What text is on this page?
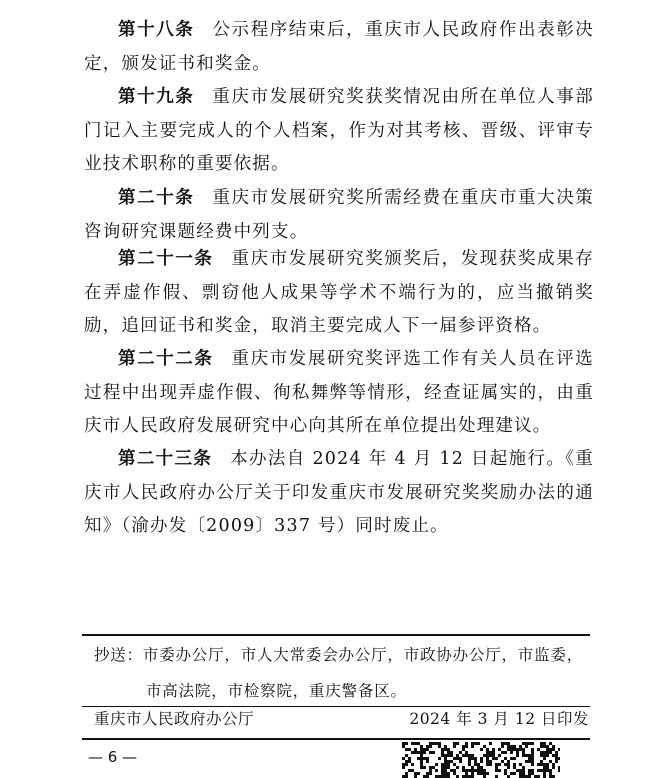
第十八条 公示程序结束后，重庆市人民政府作出表彰决定，颁发证书和奖金。

第十九条 重庆市发展研究奖获奖情况由所在单位人事部门记入主要完成人的个人档案，作为对其考核、晋级、评审专业技术职称的重要依据。

第二十条 重庆市发展研究奖所需经费在重庆市重大决策咨询研究课题经费中列支。

第二十一条 重庆市发展研究奖颁奖后，发现获奖成果存在弄虚作假、剽窃他人成果等学术不端行为的，应当撤销奖励，追回证书和奖金，取消主要完成人下一届参评资格。

第二十二条 重庆市发展研究奖评选工作有关人员在评选过程中出现弄虚作假、徇私舞弊等情形，经查证属实的，由重庆市人民政府发展研究中心向其所在单位提出处理建议。

第二十三条 本办法自 2024 年 4 月 12 日起施行。《重庆市人民政府办公厅关于印发重庆市发展研究奖奖励办法的通知》（渝办发〔2009〕337 号）同时废止。

抄送：市委办公厅，市人大常委会办公厅，市政协办公厅，市监委，
市高法院，市检察院，重庆警备区。
重庆市人民政府办公厅	2024 年 3 月 12 日印发
— 6 —
